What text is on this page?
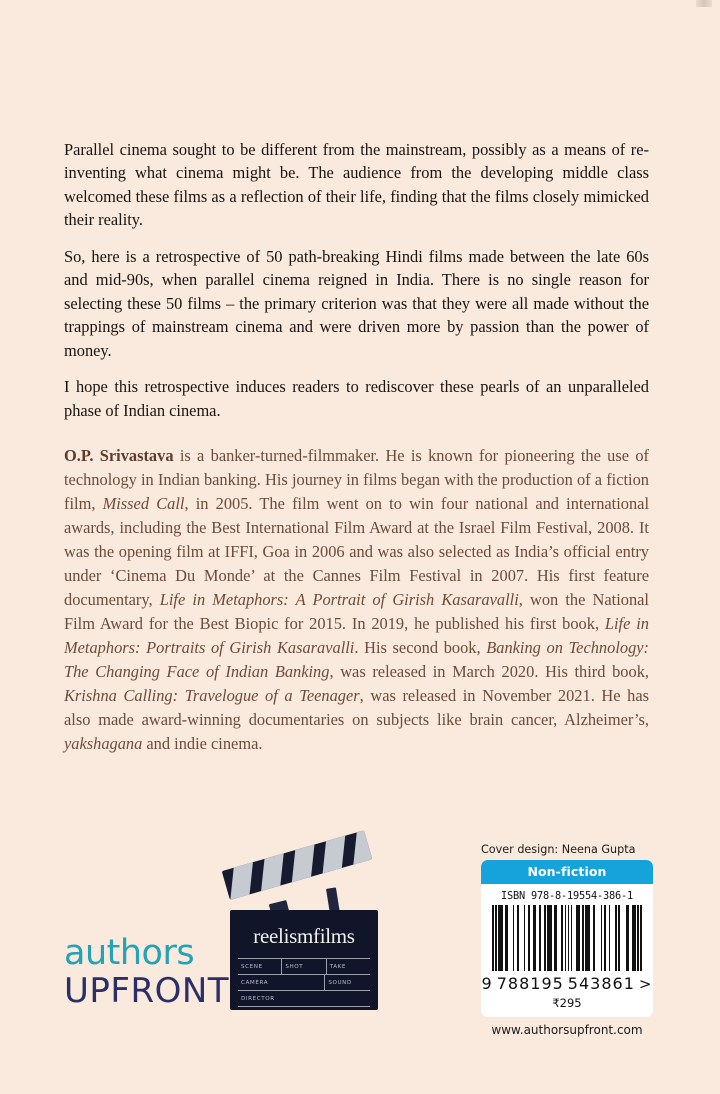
Parallel cinema sought to be different from the mainstream, possibly as a means of re-inventing what cinema might be. The audience from the developing middle class welcomed these films as a reflection of their life, finding that the films closely mimicked their reality.

So, here is a retrospective of 50 path-breaking Hindi films made between the late 60s and mid-90s, when parallel cinema reigned in India. There is no single reason for selecting these 50 films – the primary criterion was that they were all made without the trappings of mainstream cinema and were driven more by passion than the power of money.

I hope this retrospective induces readers to rediscover these pearls of an unparalleled phase of Indian cinema.

O.P. Srivastava is a banker-turned-filmmaker. He is known for pioneering the use of technology in Indian banking. His journey in films began with the production of a fiction film, Missed Call, in 2005. The film went on to win four national and international awards, including the Best International Film Award at the Israel Film Festival, 2008. It was the opening film at IFFI, Goa in 2006 and was also selected as India’s official entry under ‘Cinema Du Monde’ at the Cannes Film Festival in 2007. His first feature documentary, Life in Metaphors: A Portrait of Girish Kasaravalli, won the National Film Award for the Best Biopic for 2015. In 2019, he published his first book, Life in Metaphors: Portraits of Girish Kasaravalli. His second book, Banking on Technology: The Changing Face of Indian Banking, was released in March 2020. His third book, Krishna Calling: Travelogue of a Teenager, was released in November 2021. He has also made award-winning documentaries on subjects like brain cancer, Alzheimer’s, yakshagana and indie cinema.

authors
UPFRONT
reelismfilms
SCENE	SHOT	TAKE
CAMERA	SOUND
DIRECTOR
Cover design: Neena Gupta
Non-fiction
ISBN 978-8-19554-386-1
9 788195 543861 >
₹295
www.authorsupfront.com
